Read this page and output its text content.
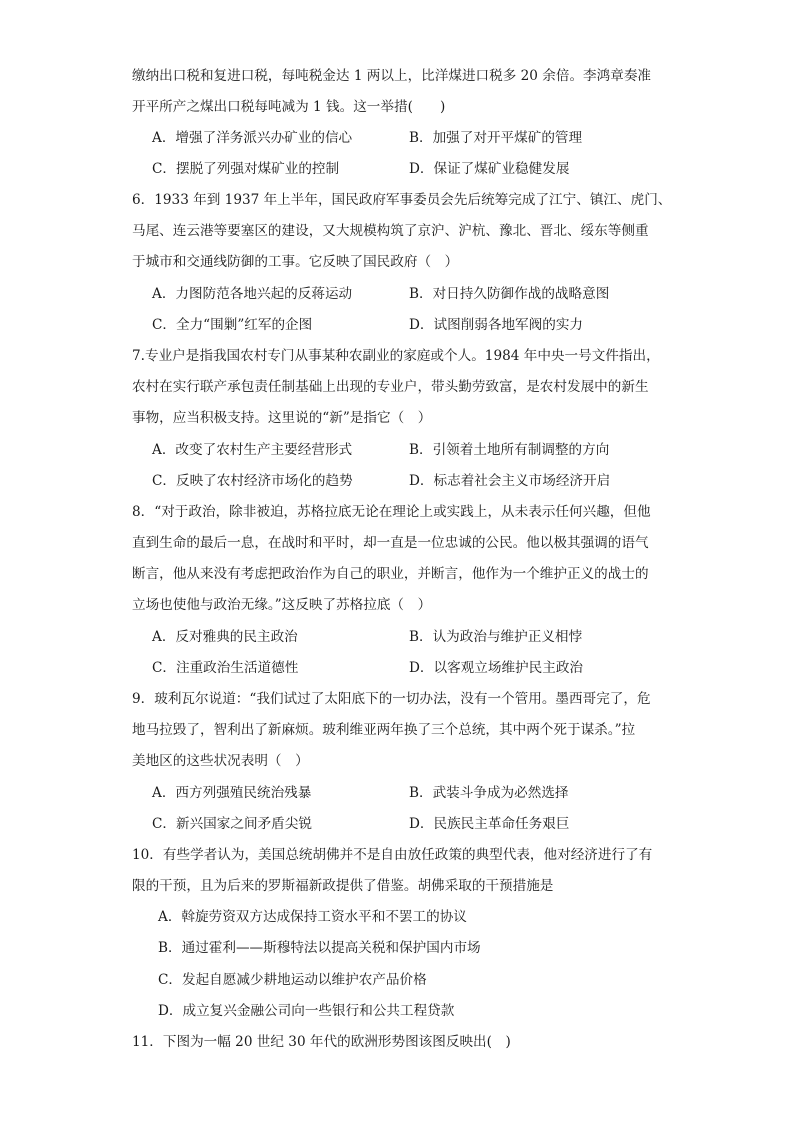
缴纳出口税和复进口税，每吨税金达 1 两以上，比洋煤进口税多 20 余倍。李鸿章奏准
开平所产之煤出口税每吨减为 1 钱。这一举措(　　)
A．增强了洋务派兴办矿业的信心	B．加强了对开平煤矿的管理
C．摆脱了列强对煤矿业的控制	D．保证了煤矿业稳健发展
6．1933 年到 1937 年上半年，国民政府军事委员会先后统筹完成了江宁、镇江、虎门、
马尾、连云港等要塞区的建设，又大规模构筑了京沪、沪杭、豫北、晋北、绥东等侧重
于城市和交通线防御的工事。它反映了国民政府（　）
A．力图防范各地兴起的反蒋运动	B．对日持久防御作战的战略意图
C．全力“围剿”红军的企图	D．试图削弱各地军阀的实力
7.专业户是指我国农村专门从事某种农副业的家庭或个人。1984 年中央一号文件指出，
农村在实行联产承包责任制基础上出现的专业户，带头勤劳致富，是农村发展中的新生
事物，应当积极支持。这里说的“新”是指它（　）
A．改变了农村生产主要经营形式	B．引领着土地所有制调整的方向
C．反映了农村经济市场化的趋势	D．标志着社会主义市场经济开启
8．“对于政治，除非被迫，苏格拉底无论在理论上或实践上，从未表示任何兴趣，但他
直到生命的最后一息，在战时和平时，却一直是一位忠诚的公民。他以极其强调的语气
断言，他从来没有考虑把政治作为自己的职业，并断言，他作为一个维护正义的战士的
立场也使他与政治无缘。”这反映了苏格拉底（　）
A．反对雅典的民主政治	B．认为政治与维护正义相悖
C．注重政治生活道德性	D．以客观立场维护民主政治
9．玻利瓦尔说道：“我们试过了太阳底下的一切办法，没有一个管用。墨西哥完了，危
地马拉毁了，智利出了新麻烦。玻利维亚两年换了三个总统，其中两个死于谋杀。”拉
美地区的这些状况表明（　）
A．西方列强殖民统治残暴	B．武装斗争成为必然选择
C．新兴国家之间矛盾尖锐	D．民族民主革命任务艰巨
10．有些学者认为，美国总统胡佛并不是自由放任政策的典型代表，他对经济进行了有
限的干预，且为后来的罗斯福新政提供了借鉴。胡佛采取的干预措施是
A．斡旋劳资双方达成保持工资水平和不罢工的协议
B．通过霍利——斯穆特法以提高关税和保护国内市场
C．发起自愿减少耕地运动以维护农产品价格
D．成立复兴金融公司向一些银行和公共工程贷款
11．下图为一幅 20 世纪 30 年代的欧洲形势图该图反映出(　)
